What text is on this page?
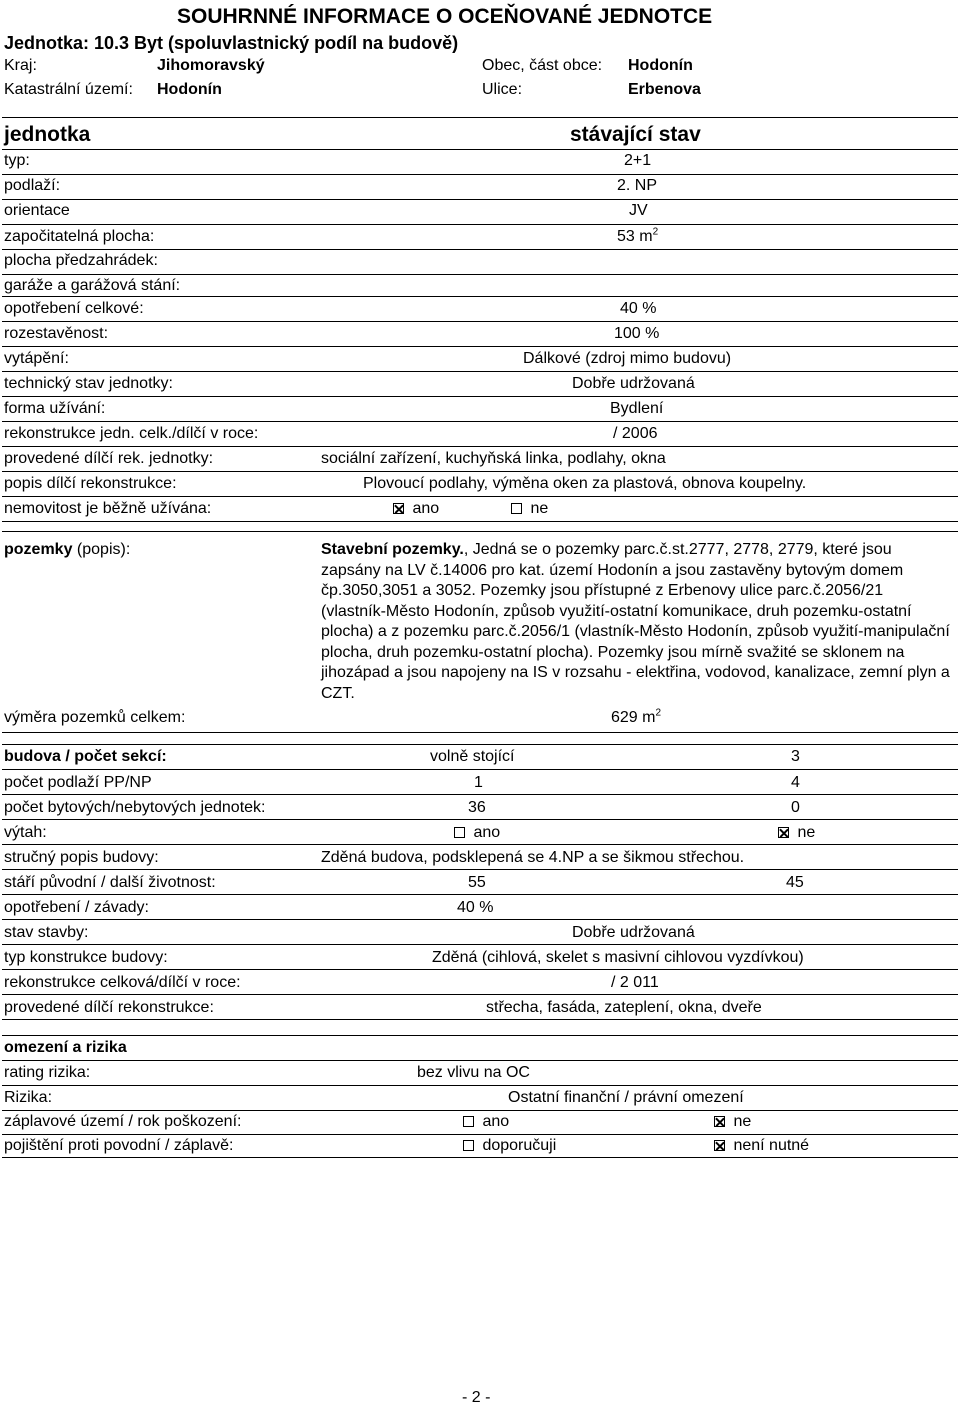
SOUHRNNÉ INFORMACE O OCEŇOVANÉ JEDNOTCE
Jednotka: 10.3 Byt (spoluvlastnický podíl na budově)
Kraj:	Jihomoravský	Obec, část obce: Hodonín
Katastrální území: Hodonín	Ulice:	Erbenova
jednotka	stávající stav
typ:	2+1
podlaží:	2. NP
orientace	JV
započitatelná plocha:	53 $m^2$
plocha předzahrádek:
garáže a garážová stání:
opotřebení celkové:	40 %
rozestavěnost:	100 %
vytápění:	Dálkové (zdroj mimo budovu)
technický stav jednotky:	Dobře udržovaná
forma užívání:	Bydlení
rekonstrukce jedn. celk./dílčí v roce:	/ 2006
provedené dílčí rek. jednotky:	sociální zařízení, kuchyňská linka, podlahy, okna
popis dílčí rekonstrukce:	Plovoucí podlahy, výměna oken za plastová, obnova koupelny.
nemovitost je běžně užívána:	ano	ne
pozemky (popis):	Stavební pozemky., Jedná se o pozemky parc.č.st.2777, 2778, 2779, které jsou zapsány na LV č.14006 pro kat. území Hodonín a jsou zastavěny bytovým domem čp.3050,3051 a 3052. Pozemky jsou přístupné z Erbenovy ulice parc.č.2056/21 (vlastník-Město Hodonín, způsob využití-ostatní komunikace, druh pozemku-ostatní plocha) a z pozemku parc.č.2056/1 (vlastník-Město Hodonín, způsob využití-manipulační plocha, druh pozemku-ostatní plocha). Pozemky jsou mírně svažité se sklonem na jihozápad a jsou napojeny na IS v rozsahu - elektřina, vodovod, kanalizace, zemní plyn a CZT.
výměra pozemků celkem:	629 $m^2$
budova / počet sekcí:	volně stojící	3
počet podlaží PP/NP	1	4
počet bytových/nebytových jednotek:	36	0
výtah:	ano	ne
stručný popis budovy:	Zděná budova, podsklepená se 4.NP a se šikmou střechou.
stáří původní / další životnost:	55	45
opotřebení / závady:	40 %
stav stavby:	Dobře udržovaná
typ konstrukce budovy:	Zděná (cihlová, skelet s masivní cihlovou vyzdívkou)
rekonstrukce celková/dílčí v roce:	/ 2 011
provedené dílčí rekonstrukce:	střecha, fasáda, zateplení, okna, dveře
omezení a rizika
rating rizika:	bez vlivu na OC
Rizika:	Ostatní finanční / právní omezení
záplavové území / rok poškození:	ano	ne
pojištění proti povodní / záplavě:	doporučuji	není nutné
- 2 -
